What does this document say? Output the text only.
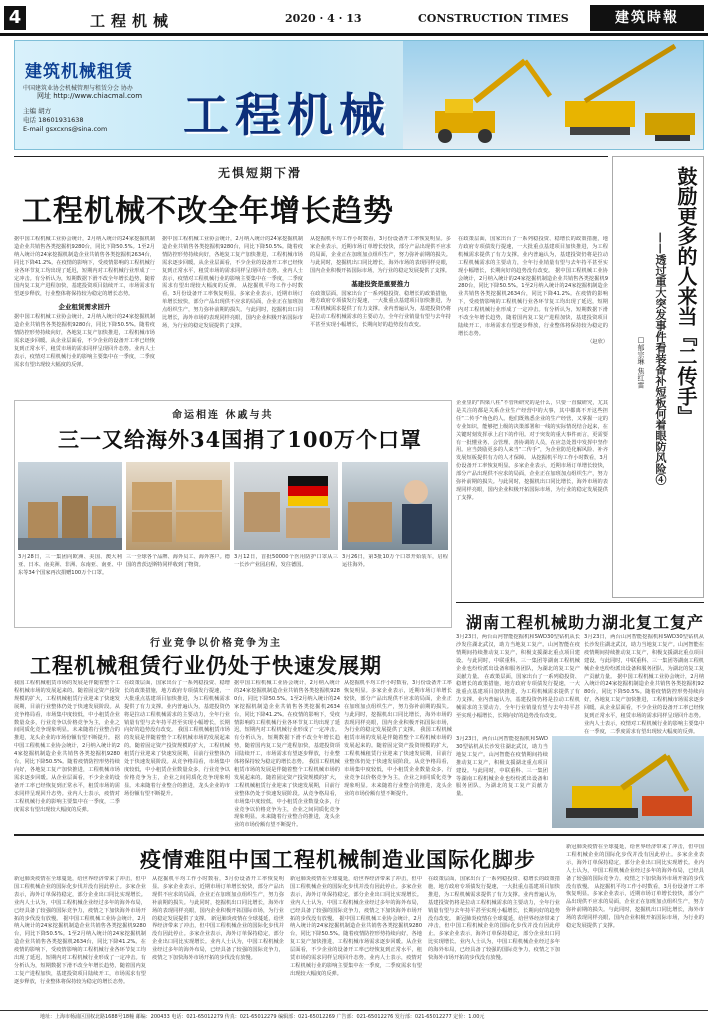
4	工程机械	2020 · 4 · 13	CONSTRUCTION TIMES	建筑時報
建筑机械租赁
中国建筑业协会机械管理与租赁分会 协办
网址 http://www.chiacmal.com 工程机械
主编 胡方
电话 18601931638
E-mail gsxcxns@sina.com
无惧短期下滑
工程机械不改全年增长趋势
据中国工程机械工业协会统计，2月纳入统计的24家挖掘机制造企业共销售各类挖掘机9280台，同比下降50.5%。1至2月纳入统计的24家挖掘机制造企业共销售各类挖掘机2634台，同比下降41.2%。在疫情的影响下，受疫情影响的工程机械行业各环节复工均出现了延迟，短期内对工程机械行业形成了一定冲击。有分析认为，短期数据下滑不改全年增长趋势，随着国内复工复产进程加快，基建投资项目陆续开工，市场需求有望逐步释放，行业整体将保持较为稳定的增长态势。
企业租赁需求回升
据中国工程机械工业协会统计，2月纳入统计的24家挖掘机制造企业共销售各类挖掘机9280台，同比下降50.5%。随着疫情防控形势持续向好，各地复工复产加快推进，工程机械市场需求逐步回暖。从企业层面看，不少企业的设备开工率已经恢复到正常水平，租赁市场的需求同样呈现回升态势。业内人士表示，疫情对工程机械行业的影响主要集中在一季度，二季度需求有望出现较大幅度的反弹。
据中国工程机械工业协会统计，2月纳入统计的24家挖掘机制造企业共销售各类挖掘机9280台，同比下降50.5%。随着疫情防控形势持续向好，各地复工复产加快推进，工程机械市场需求逐步回暖。从企业层面看，不少企业的设备开工率已经恢复到正常水平，租赁市场的需求同样呈现回升态势。业内人士表示，疫情对工程机械行业的影响主要集中在一季度，二季度需求有望出现较大幅度的反弹。 从挖掘机平均工作小时数看，3月份设备开工率恢复明显。多家企业表示，近期市场订单增长较快，部分产品出现供不应求的局面，企业正在加班加点组织生产，努力弥补前期的损失。与此同时，挖掘机出口同比增长，海外市场的表现同样亮眼，国内企业积极开拓国际市场，为行业的稳定发展提供了支撑。
从挖掘机平均工作小时数看，3月份设备开工率恢复明显。多家企业表示，近期市场订单增长较快，部分产品出现供不应求的局面，企业正在加班加点组织生产，努力弥补前期的损失。与此同时，挖掘机出口同比增长，海外市场的表现同样亮眼，国内企业积极开拓国际市场，为行业的稳定发展提供了支撑。
基建投资是重要推力
在政策层面，国家出台了一系列稳投资、稳增长的政策措施，地方政府专项债发行提速，一大批重点基建项目加快推进，为工程机械需求提供了有力支撑。业内普遍认为，基建投资仍将是拉动工程机械需求的主要动力，全年行业销量有望与去年持平甚至实现小幅增长，长期向好的趋势没有改变。
在政策层面，国家出台了一系列稳投资、稳增长的政策措施，地方政府专项债发行提速，一大批重点基建项目加快推进，为工程机械需求提供了有力支撑。业内普遍认为，基建投资仍将是拉动工程机械需求的主要动力，全年行业销量有望与去年持平甚至实现小幅增长，长期向好的趋势没有改变。 据中国工程机械工业协会统计，2月纳入统计的24家挖掘机制造企业共销售各类挖掘机9280台，同比下降50.5%。1至2月纳入统计的24家挖掘机制造企业共销售各类挖掘机2634台，同比下降41.2%。在疫情的影响下，受疫情影响的工程机械行业各环节复工均出现了延迟，短期内对工程机械行业形成了一定冲击。有分析认为，短期数据下滑不改全年增长趋势，随着国内复工复产进程加快，基建投资项目陆续开工，市场需求有望逐步释放，行业整体将保持较为稳定的增长态势。
（赵欣）	鼓励更多的人来当『二传手』
——透过重大突发事件看装备补短板何着眼防风险④
□郁宗琳 焦红雷
企业里的“四梁八柱”不管所研究的是什么，只要一直做研究，尤其是关注的都是关系企业生产经营中的大事，其中都离不开这些担任“二传手”角色的人。他们既熟悉企业的生产经营，又掌握一定的专业知识，能够把上级的决策部署和一线的实际情况结合起来，在关键时刻发挥承上启下的作用。对于突发的重大事件而言，更需要有一批懂业务、会管理、善协调的人员，在应急处置中发挥中坚作用。应当鼓励更多的人来当“二传手”，为企业防范化解风险、补齐发展短板提供有力的人才保障。 从挖掘机平均工作小时数看，3月份设备开工率恢复明显。多家企业表示，近期市场订单增长较快，部分产品出现供不应求的局面，企业正在加班加点组织生产，努力弥补前期的损失。与此同时，挖掘机出口同比增长，海外市场的表现同样亮眼，国内企业积极开拓国际市场，为行业的稳定发展提供了支撑。
命运相连 休戚与共
三一又给海外34国捐了100万个口罩
3月28日，三一集团向欧洲、美国、澳大利亚、日本、南美洲、非洲、东南亚、南亚、中东等34个国家再次捐赠100万个口罩。
三一全球各个品牌、海外员工、海外客户。德国的普茨迈斯特同样收到了物资。
3月12日，首批50000个医用防护口罩从三一长沙产业园启程，发往德国。
3月26日，第3批10万个口罩开始装车，启程运往海外。
行业竞争以价格竞争为主
工程机械租赁行业仍处于快速发展期
我国工程机械租赁市场的发展是伴随着整个工程机械市场的发展起来的。随着固定资产投资规模的扩大，工程机械租赁行业迎来了快速发展期，目前行业整体仍处于快速发展阶段。从竞争格局看，市场集中度较低，中小租赁企业数量众多，行业竞争以价格竞争为主，企业之间同质化竞争现象明显。未来随着行业整合的推进，龙头企业的市场份额有望不断提升。 据中国工程机械工业协会统计，2月纳入统计的24家挖掘机制造企业共销售各类挖掘机9280台，同比下降50.5%。随着疫情防控形势持续向好，各地复工复产加快推进，工程机械市场需求逐步回暖。从企业层面看，不少企业的设备开工率已经恢复到正常水平，租赁市场的需求同样呈现回升态势。业内人士表示，疫情对工程机械行业的影响主要集中在一季度，二季度需求有望出现较大幅度的反弹。
在政策层面，国家出台了一系列稳投资、稳增长的政策措施，地方政府专项债发行提速，一大批重点基建项目加快推进，为工程机械需求提供了有力支撑。业内普遍认为，基建投资仍将是拉动工程机械需求的主要动力，全年行业销量有望与去年持平甚至实现小幅增长，长期向好的趋势没有改变。 我国工程机械租赁市场的发展是伴随着整个工程机械市场的发展起来的。随着固定资产投资规模的扩大，工程机械租赁行业迎来了快速发展期，目前行业整体仍处于快速发展阶段。从竞争格局看，市场集中度较低，中小租赁企业数量众多，行业竞争以价格竞争为主，企业之间同质化竞争现象明显。未来随着行业整合的推进，龙头企业的市场份额有望不断提升。
据中国工程机械工业协会统计，2月纳入统计的24家挖掘机制造企业共销售各类挖掘机9280台，同比下降50.5%。1至2月纳入统计的24家挖掘机制造企业共销售各类挖掘机2634台，同比下降41.2%。在疫情的影响下，受疫情影响的工程机械行业各环节复工均出现了延迟，短期内对工程机械行业形成了一定冲击。有分析认为，短期数据下滑不改全年增长趋势，随着国内复工复产进程加快，基建投资项目陆续开工，市场需求有望逐步释放，行业整体将保持较为稳定的增长态势。 我国工程机械租赁市场的发展是伴随着整个工程机械市场的发展起来的。随着固定资产投资规模的扩大，工程机械租赁行业迎来了快速发展期，目前行业整体仍处于快速发展阶段。从竞争格局看，市场集中度较低，中小租赁企业数量众多，行业竞争以价格竞争为主，企业之间同质化竞争现象明显。未来随着行业整合的推进，龙头企业的市场份额有望不断提升。
从挖掘机平均工作小时数看，3月份设备开工率恢复明显。多家企业表示，近期市场订单增长较快，部分产品出现供不应求的局面，企业正在加班加点组织生产，努力弥补前期的损失。与此同时，挖掘机出口同比增长，海外市场的表现同样亮眼，国内企业积极开拓国际市场，为行业的稳定发展提供了支撑。 我国工程机械租赁市场的发展是伴随着整个工程机械市场的发展起来的。随着固定资产投资规模的扩大，工程机械租赁行业迎来了快速发展期，目前行业整体仍处于快速发展阶段。从竞争格局看，市场集中度较低，中小租赁企业数量众多，行业竞争以价格竞争为主，企业之间同质化竞争现象明显。未来随着行业整合的推进，龙头企业的市场份额有望不断提升。
湖南工程机械助力湖北复工复产
3月23日，两台山河智能挖掘机和SWD30型钻机从长沙发往湖北武汉，助力当地复工复产。山河智能在疫情期间持续推动复工复产，积极支援湖北重点项目建设。与此同时，中联重科、三一集团等湖南工程机械企业也纷纷派出设备和服务团队，为湖北的复工复产贡献力量。 在政策层面，国家出台了一系列稳投资、稳增长的政策措施，地方政府专项债发行提速，一大批重点基建项目加快推进，为工程机械需求提供了有力支撑。业内普遍认为，基建投资仍将是拉动工程机械需求的主要动力，全年行业销量有望与去年持平甚至实现小幅增长，长期向好的趋势没有改变。
3月23日，两台山河智能挖掘机和SWD30型钻机从长沙发往湖北武汉，助力当地复工复产。山河智能在疫情期间持续推动复工复产，积极支援湖北重点项目建设。与此同时，中联重科、三一集团等湖南工程机械企业也纷纷派出设备和服务团队，为湖北的复工复产贡献力量。 据中国工程机械工业协会统计，2月纳入统计的24家挖掘机制造企业共销售各类挖掘机9280台，同比下降50.5%。随着疫情防控形势持续向好，各地复工复产加快推进，工程机械市场需求逐步回暖。从企业层面看，不少企业的设备开工率已经恢复到正常水平，租赁市场的需求同样呈现回升态势。业内人士表示，疫情对工程机械行业的影响主要集中在一季度，二季度需求有望出现较大幅度的反弹。
3月23日，两台山河智能挖掘机和SWD30型钻机从长沙发往湖北武汉，助力当地复工复产。山河智能在疫情期间持续推动复工复产，积极支援湖北重点项目建设。与此同时，中联重科、三一集团等湖南工程机械企业也纷纷派出设备和服务团队，为湖北的复工复产贡献力量。
疫情难阻中国工程机械制造业国际化脚步
新冠肺炎疫情在全球蔓延，给世界经济带来了冲击，但中国工程机械企业的国际化步伐并没有因此停止。多家企业表示，海外订单保持稳定，部分企业出口同比实现增长。业内人士认为，中国工程机械企业经过多年的海外布局，已经具备了较强的国际竞争力，疫情之下加快海外市场开拓的步伐没有放慢。 据中国工程机械工业协会统计，2月纳入统计的24家挖掘机制造企业共销售各类挖掘机9280台，同比下降50.5%。1至2月纳入统计的24家挖掘机制造企业共销售各类挖掘机2634台，同比下降41.2%。在疫情的影响下，受疫情影响的工程机械行业各环节复工均出现了延迟，短期内对工程机械行业形成了一定冲击。有分析认为，短期数据下滑不改全年增长趋势，随着国内复工复产进程加快，基建投资项目陆续开工，市场需求有望逐步释放，行业整体将保持较为稳定的增长态势。
从挖掘机平均工作小时数看，3月份设备开工率恢复明显。多家企业表示，近期市场订单增长较快，部分产品出现供不应求的局面，企业正在加班加点组织生产，努力弥补前期的损失。与此同时，挖掘机出口同比增长，海外市场的表现同样亮眼，国内企业积极开拓国际市场，为行业的稳定发展提供了支撑。 新冠肺炎疫情在全球蔓延，给世界经济带来了冲击，但中国工程机械企业的国际化步伐并没有因此停止。多家企业表示，海外订单保持稳定，部分企业出口同比实现增长。业内人士认为，中国工程机械企业经过多年的海外布局，已经具备了较强的国际竞争力，疫情之下加快海外市场开拓的步伐没有放慢。
新冠肺炎疫情在全球蔓延，给世界经济带来了冲击，但中国工程机械企业的国际化步伐并没有因此停止。多家企业表示，海外订单保持稳定，部分企业出口同比实现增长。业内人士认为，中国工程机械企业经过多年的海外布局，已经具备了较强的国际竞争力，疫情之下加快海外市场开拓的步伐没有放慢。 据中国工程机械工业协会统计，2月纳入统计的24家挖掘机制造企业共销售各类挖掘机9280台，同比下降50.5%。随着疫情防控形势持续向好，各地复工复产加快推进，工程机械市场需求逐步回暖。从企业层面看，不少企业的设备开工率已经恢复到正常水平，租赁市场的需求同样呈现回升态势。业内人士表示，疫情对工程机械行业的影响主要集中在一季度，二季度需求有望出现较大幅度的反弹。
在政策层面，国家出台了一系列稳投资、稳增长的政策措施，地方政府专项债发行提速，一大批重点基建项目加快推进，为工程机械需求提供了有力支撑。业内普遍认为，基建投资仍将是拉动工程机械需求的主要动力，全年行业销量有望与去年持平甚至实现小幅增长，长期向好的趋势没有改变。 新冠肺炎疫情在全球蔓延，给世界经济带来了冲击，但中国工程机械企业的国际化步伐并没有因此停止。多家企业表示，海外订单保持稳定，部分企业出口同比实现增长。业内人士认为，中国工程机械企业经过多年的海外布局，已经具备了较强的国际竞争力，疫情之下加快海外市场开拓的步伐没有放慢。
新冠肺炎疫情在全球蔓延，给世界经济带来了冲击，但中国工程机械企业的国际化步伐并没有因此停止。多家企业表示，海外订单保持稳定，部分企业出口同比实现增长。业内人士认为，中国工程机械企业经过多年的海外布局，已经具备了较强的国际竞争力，疫情之下加快海外市场开拓的步伐没有放慢。 从挖掘机平均工作小时数看，3月份设备开工率恢复明显。多家企业表示，近期市场订单增长较快，部分产品出现供不应求的局面，企业正在加班加点组织生产，努力弥补前期的损失。与此同时，挖掘机出口同比增长，海外市场的表现同样亮眼，国内企业积极开拓国际市场，为行业的稳定发展提供了支撑。
地址：上海市杨浦区国权北路1688号18幢 邮编：200433 电话：021-65012279 传真：021-65012279 编辑部：021-65012269 广告部：021-65012276 发行部：021-65012277 定价：1.00元
